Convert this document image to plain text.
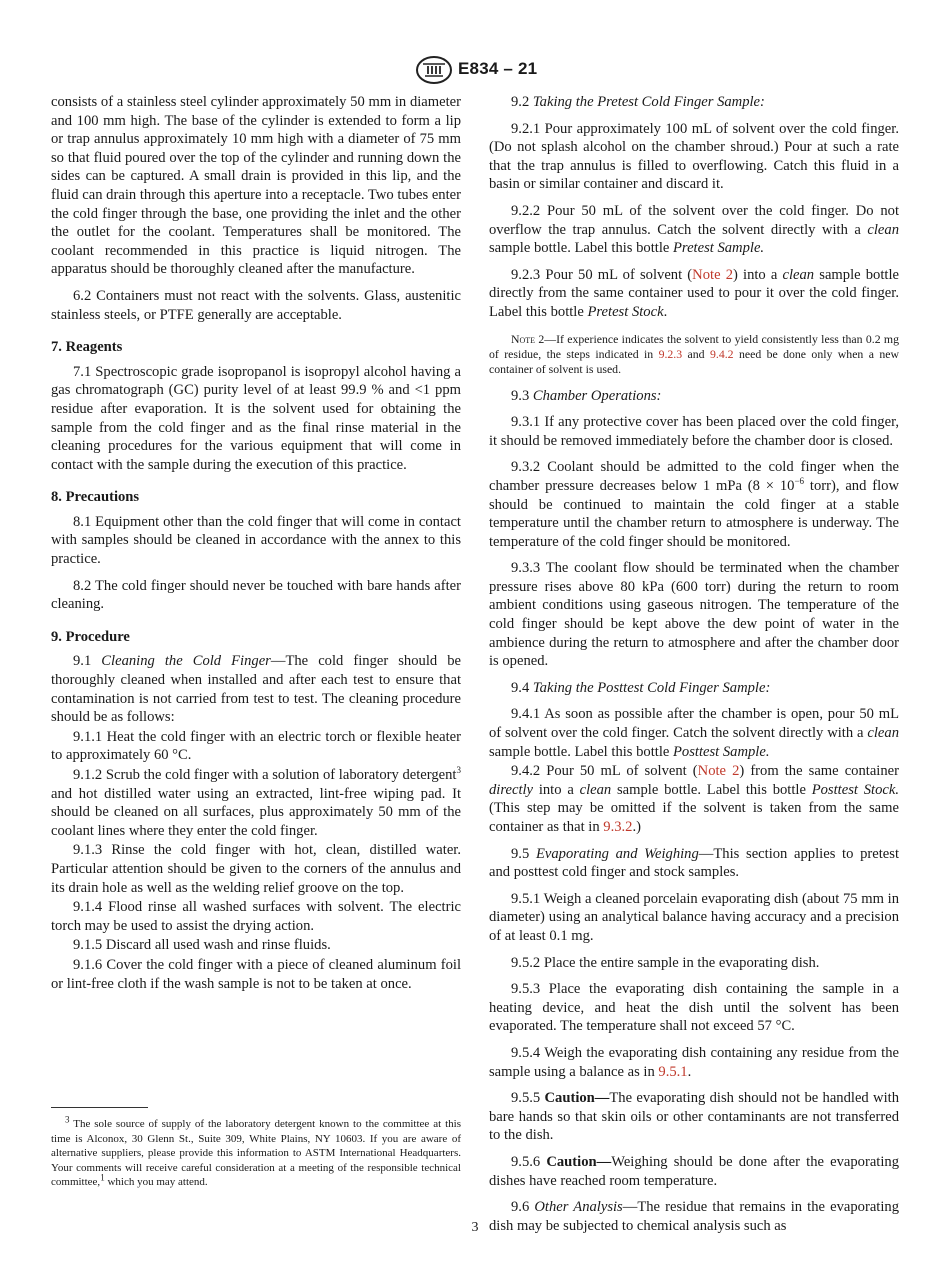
E834 – 21

consists of a stainless steel cylinder approximately 50 mm in diameter and 100 mm high. The base of the cylinder is extended to form a lip or trap annulus approximately 10 mm high with a diameter of 75 mm so that fluid poured over the top of the cylinder and running down the sides can be captured. A small drain is provided in this lip, and the fluid can drain through this aperture into a receptacle. Two tubes enter the cold finger through the base, one providing the inlet and the other the outlet for the coolant. Temperatures shall be monitored. The coolant recommended in this practice is liquid nitrogen. The apparatus should be thoroughly cleaned after the manufacture.

6.2 Containers must not react with the solvents. Glass, austenitic stainless steels, or PTFE generally are acceptable.

7. Reagents

7.1 Spectroscopic grade isopropanol is isopropyl alcohol having a gas chromatograph (GC) purity level of at least 99.9 % and <1 ppm residue after evaporation. It is the solvent used for obtaining the sample from the cold finger and as the final rinse material in the cleaning procedures for the various equipment that will come in contact with the sample during the execution of this practice.

8. Precautions

8.1 Equipment other than the cold finger that will come in contact with samples should be cleaned in accordance with the annex to this practice.

8.2 The cold finger should never be touched with bare hands after cleaning.

9. Procedure

9.1 Cleaning the Cold Finger—The cold finger should be thoroughly cleaned when installed and after each test to ensure that contamination is not carried from test to test. The cleaning procedure should be as follows:

9.1.1 Heat the cold finger with an electric torch or flexible heater to approximately 60 °C.

9.1.2 Scrub the cold finger with a solution of laboratory detergent$^3$ and hot distilled water using an extracted, lint-free wiping pad. It should be cleaned on all surfaces, plus approximately 50 mm of the coolant lines where they enter the cold finger.

9.1.3 Rinse the cold finger with hot, clean, distilled water. Particular attention should be given to the corners of the annulus and its drain hole as well as the welding relief groove on the top.

9.1.4 Flood rinse all washed surfaces with solvent. The electric torch may be used to assist the drying action.

9.1.5 Discard all used wash and rinse fluids.

9.1.6 Cover the cold finger with a piece of cleaned aluminum foil or lint-free cloth if the wash sample is not to be taken at once.

$^3$ The sole source of supply of the laboratory detergent known to the committee at this time is Alconox, 30 Glenn St., Suite 309, White Plains, NY 10603. If you are aware of alternative suppliers, please provide this information to ASTM International Headquarters. Your comments will receive careful consideration at a meeting of the responsible technical committee,$^1$ which you may attend.

9.2 Taking the Pretest Cold Finger Sample:

9.2.1 Pour approximately 100 mL of solvent over the cold finger. (Do not splash alcohol on the chamber shroud.) Pour at such a rate that the trap annulus is filled to overflowing. Catch this fluid in a basin or similar container and discard it.

9.2.2 Pour 50 mL of the solvent over the cold finger. Do not overflow the trap annulus. Catch the solvent directly with a clean sample bottle. Label this bottle Pretest Sample.

9.2.3 Pour 50 mL of solvent (Note 2) into a clean sample bottle directly from the same container used to pour it over the cold finger. Label this bottle Pretest Stock.

Note 2—If experience indicates the solvent to yield consistently less than 0.2 mg of residue, the steps indicated in 9.2.3 and 9.4.2 need be done only when a new container of solvent is used.

9.3 Chamber Operations:

9.3.1 If any protective cover has been placed over the cold finger, it should be removed immediately before the chamber door is closed.

9.3.2 Coolant should be admitted to the cold finger when the chamber pressure decreases below 1 mPa ($8 \times 10^{-6}$ torr), and flow should be continued to maintain the cold finger at a stable temperature until the chamber return to atmosphere is underway. The temperature of the cold finger should be monitored.

9.3.3 The coolant flow should be terminated when the chamber pressure rises above 80 kPa (600 torr) during the return to room ambient conditions using gaseous nitrogen. The temperature of the cold finger should be kept above the dew point of water in the ambience during the return to atmosphere and after the chamber door is opened.

9.4 Taking the Posttest Cold Finger Sample:

9.4.1 As soon as possible after the chamber is open, pour 50 mL of solvent over the cold finger. Catch the solvent directly with a clean sample bottle. Label this bottle Posttest Sample.

9.4.2 Pour 50 mL of solvent (Note 2) from the same container directly into a clean sample bottle. Label this bottle Posttest Stock. (This step may be omitted if the solvent is taken from the same container as that in 9.3.2.)

9.5 Evaporating and Weighing—This section applies to pretest and posttest cold finger and stock samples.

9.5.1 Weigh a cleaned porcelain evaporating dish (about 75 mm in diameter) using an analytical balance having accuracy and a precision of at least 0.1 mg.

9.5.2 Place the entire sample in the evaporating dish.

9.5.3 Place the evaporating dish containing the sample in a heating device, and heat the dish until the solvent has been evaporated. The temperature shall not exceed 57 °C.

9.5.4 Weigh the evaporating dish containing any residue from the sample using a balance as in 9.5.1.

9.5.5 Caution—The evaporating dish should not be handled with bare hands so that skin oils or other contaminants are not transferred to the dish.

9.5.6 Caution—Weighing should be done after the evaporating dishes have reached room temperature.

9.6 Other Analysis—The residue that remains in the evaporating dish may be subjected to chemical analysis such as

3
